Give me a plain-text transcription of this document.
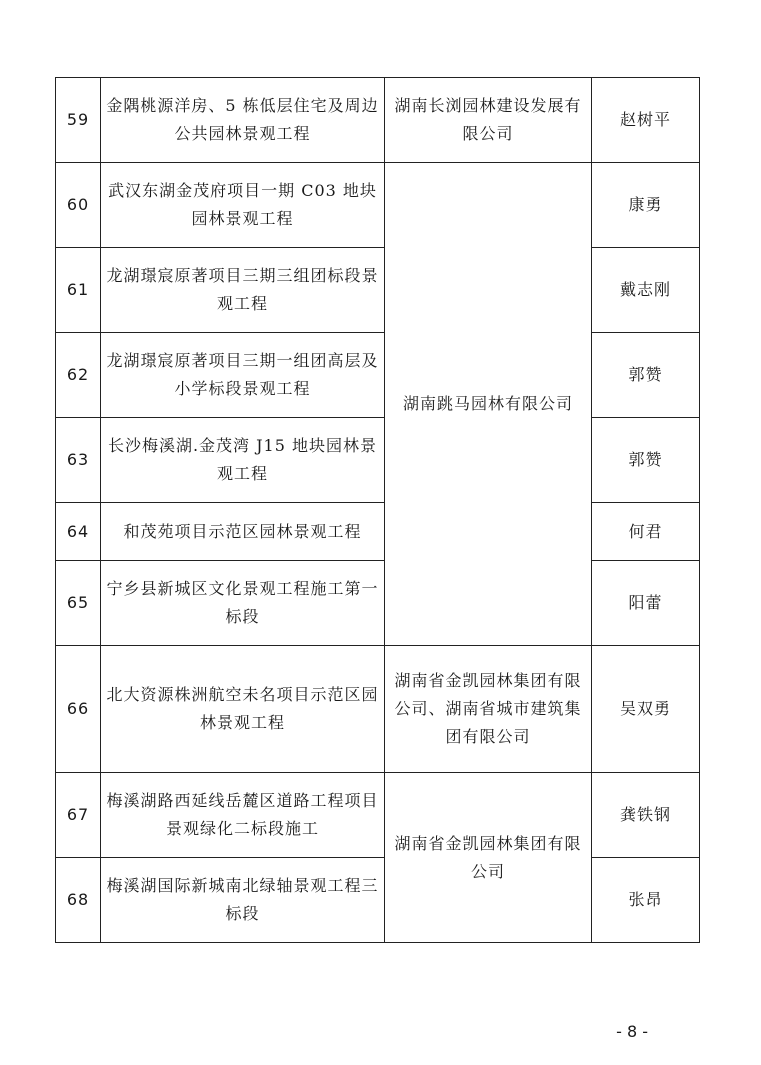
59	金隅桃源洋房、5 栋低层住宅及周边公共园林景观工程	湖南长浏园林建设发展有限公司	赵树平
60	武汉东湖金茂府项目一期 C03 地块园林景观工程	湖南跳马园林有限公司	康勇
61	龙湖璟宸原著项目三期三组团标段景观工程		戴志刚
62	龙湖璟宸原著项目三期一组团高层及小学标段景观工程		郭赞
63	长沙梅溪湖.金茂湾 J15 地块园林景观工程		郭赞
64	和茂苑项目示范区园林景观工程		何君
65	宁乡县新城区文化景观工程施工第一标段		阳蕾
66	北大资源株洲航空未名项目示范区园林景观工程	湖南省金凯园林集团有限公司、湖南省城市建筑集团有限公司	吴双勇
67	梅溪湖路西延线岳麓区道路工程项目景观绿化二标段施工	湖南省金凯园林集团有限公司	龚铁钢
68	梅溪湖国际新城南北绿轴景观工程三标段		张昂
- 8 -
